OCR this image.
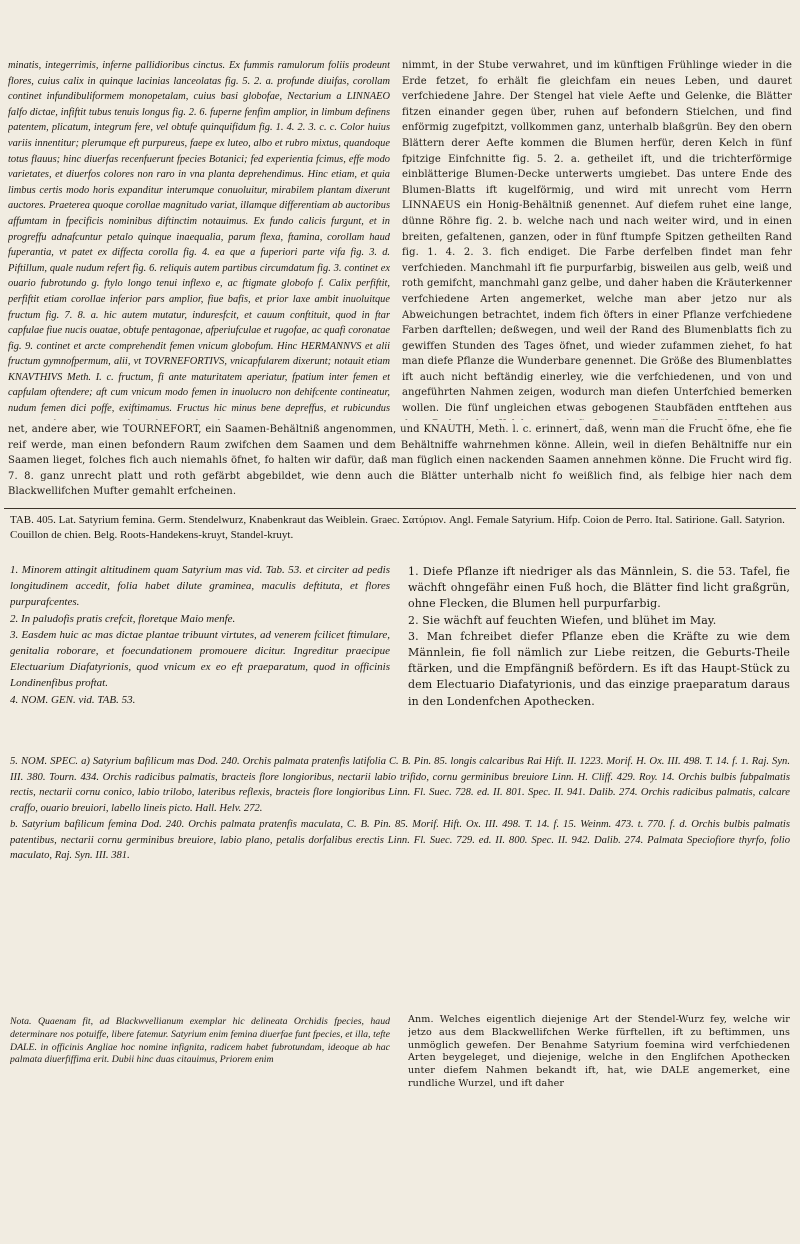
minatis, integerrimis, inferne pallidioribus cinctus. Ex fummis ramulorum foliis prodeunt flores, cuius calix in quinque lacinias lanceolatas fig. 5. 2. a. profunde diuifas, corollam continet infundibuliformem monopetalam, cuius basi globofae, Nectarium a LINNAEO falfo dictae, infiftit tubus tenuis longus fig. 2. 6. fuperne fenfim amplior, in limbum definens patentem, plicatum, integrum fere, vel obtufe quinquifidum fig. 1. 4. 2. 3. c. c. Color huius variis innentitur; plerumque eft purpureus, faepe ex luteo, albo et rubro mixtus, quandoque totus flauus; hinc diuerfas recenfuerunt fpecies Botanici; fed experientia fcimus, effe modo varietates, et diuerfos colores non raro in vna planta deprehendimus. Hinc etiam, et quia limbus certis modo horis expanditur interumque conuoluitur, mirabilem plantam dixerunt auctores. Praeterea quoque corollae magnitudo variat, illamque differentiam ab auctoribus affumtam in fpecificis nominibus diftinctim notauimus. Ex fundo calicis furgunt, et in progreffu adnafcuntur petalo quinque inaequalia, parum flexa, ftamina, corollam haud fuperantia, vt patet ex diffecta corolla fig. 4. ea que a fuperiori parte vifa fig. 3. d. Piftillum, quale nudum refert fig. 6. reliquis autem partibus circumdatum fig. 3. continet ex ouario fubrotundo g. ftylo longo tenui inflexo e, ac ftigmate globofo f. Calix perfiftit, perfiftit etiam corollae inferior pars amplior, fiue bafis, et prior laxe ambit inuoluitque fructum fig. 7. 8. a. hic autem mutatur, induresfcit, et cauum conftituit, quod in ftar capfulae fiue nucis ouatae, obtufe pentagonae, afperiufculae et rugofae, ac quafi coronatae fig. 9. continet et arcte comprehendit femen vnicum globofum. Hinc HERMANNVS et alii fructum gymnofpermum, alii, vt TOVRNEFORTIVS, vnicapfularem dixerunt; notauit etiam KNAVTHIVS Meth. I. c. fructum, fi ante maturitatem aperiatur, fpatium inter femen et capfulam oftendere; aft cum vnicum modo femen in inuolucro non dehifcente contineatur, nudum femen dici poffe, exiftimamus. Fructus hic minus bene depreffus, et rubicundus
nimmt, in der Stube verwahret, und im künftigen Frühlinge wieder in die Erde fetzet, fo erhält fie gleichfam ein neues Leben, und dauret verfchiedene Jahre. Der Stengel hat viele Aefte und Gelenke, die Blätter fitzen einander gegen über, ruhen auf befondern Stielchen, und find enförmig zugefpitzt, vollkommen ganz, unterhalb blaßgrün. Bey den obern Blättern derer Aefte kommen die Blumen herfür, deren Kelch in fünf fpitzige Einfchnitte fig. 5. 2. a. getheilet ift, und die trichterförmige einblätterige Blumen-Decke unterwerts umgiebet. Das untere Ende des Blumen-Blatts ift kugelförmig, und wird mit unrecht vom Herrn LINNAEUS ein Honig-Behältniß genennet. Auf diefem ruhet eine lange, dünne Röhre fig. 2. b. welche nach und nach weiter wird, und in einen breiten, gefaltenen, ganzen, oder in fünf ftumpfe Spitzen getheilten Rand fig. 1. 4. 2. 3. fich endiget. Die Farbe derfelben findet man fehr verfchieden. Manchmahl ift fie purpurfarbig, bisweilen aus gelb, weiß und roth gemifcht, manchmahl ganz gelbe, und daher haben die Kräuterkenner verfchiedene Arten angemerket, welche man aber jetzo nur als Abweichungen betrachtet, indem fich öfters in einer Pflanze verfchiedene Farben darftellen; deßwegen, und weil der Rand des Blumenblatts fich zu gewiffen Stunden des Tages öfnet, und wieder zufammen ziehet, fo hat man diefe Pflanze die Wunderbare genennet. Die Größe des Blumenblattes ift auch nicht beftändig einerley, wie die verfchiedenen, und von und angeführten Nahmen zeigen, wodurch man diefen Unterfchied bemerken wollen. Die fünf ungleichen etwas gebogenen Staubfäden entftehen aus
net, andere aber, wie TOURNEFORT, ein Saamen-Behältniß angenommen, und KNAUTH, Meth. l. c. erinnert, daß, wenn man die Frucht öfne, ehe fie reif werde, man einen befondern Raum zwifchen dem Saamen und dem Behältniffe wahrnehmen könne. Allein, weil in diefen Behältniffe nur ein Saamen lieget, folches fich auch niemahls öfnet, fo halten wir dafür, daß man füglich einen nackenden Saamen annehmen könne. Die Frucht wird fig. 7. 8. ganz unrecht platt und roth gefärbt abgebildet, wie denn auch die Blätter unterhalb nicht fo weißlich find, als felbige hier nach dem Blackwellifchen Mufter gemahlt erfcheinen.
TAB. 405. Lat. Satyrium femina. Germ. Stendelwurz, Knabenkraut das Weiblein. Graec. Σατύριον. Angl. Female Satyrium. Hifp. Coion de Perro. Ital. Satirione. Gall. Satyrion. Couillon de chien. Belg. Roots-Handekens-kruyt, Standel-kruyt.
1. Minorem attingit altitudinem quam Satyrium mas vid. Tab. 53. et circiter ad pedis longitudinem accedit, folia habet dilute graminea, maculis deftituta, et flores purpurafcentes.
2. In paludofis pratis crefcit, floretque Maio menfe.
3. Easdem huic ac mas dictae plantae tribuunt virtutes, ad venerem fcilicet ftimulare, genitalia roborare, et foecundationem promouere dicitur. Ingreditur praecipue Electuarium Diafatyrionis, quod vnicum ex eo eft praeparatum, quod in officinis Londinenfibus proftat.
4. NOM. GEN. vid. TAB. 53.
1. Diefe Pflanze ift niedriger als das Männlein, S. die 53. Tafel, fie wächft ohngefähr einen Fuß hoch, die Blätter find licht graßgrün, ohne Flecken, die Blumen hell purpurfarbig.
2. Sie wächft auf feuchten Wiefen, und blühet im May.
3. Man fchreibet diefer Pflanze eben die Kräfte zu wie dem Männlein, fie foll nämlich zur Liebe reitzen, die Geburts-Theile ftärken, und die Empfängniß befördern. Es ift das Haupt-Stück zu dem Electuario Diafatyrionis, und das einzige praeparatum daraus in den Londenfchen Apothecken.
5. NOM. SPEC. a) Satyrium bafilicum mas Dod. 240. Orchis palmata pratenfis latifolia C. B. Pin. 85. longis calcaribus Rai Hift. II. 1223. Morif. H. Ox. III. 498. T. 14. f. 1. Raj. Syn. III. 380. Tourn. 434. Orchis radicibus palmatis, bracteis flore longioribus, nectarii labio trifido, cornu germinibus breuiore Linn. H. Cliff. 429. Roy. 14. Orchis bulbis fubpalmatis rectis, nectarii cornu conico, labio trilobo, lateribus reflexis, bracteis flore longioribus Linn. Fl. Suec. 728. ed. II. 801. Spec. II. 941. Dalib. 274. Orchis radicibus palmatis, calcare craffo, ouario breuiori, labello lineis picto. Hall. Helv. 272.
b. Satyrium bafilicum femina Dod. 240. Orchis palmata pratenfis maculata, C. B. Pin. 85. Morif. Hift. Ox. III. 498. T. 14. f. 15. Weinm. 473. t. 770. f. d. Orchis bulbis palmatis patentibus, nectarii cornu germinibus breuiore, labio plano, petalis dorfalibus erectis Linn. Fl. Suec. 729. ed. II. 800. Spec. II. 942. Dalib. 274. Palmata Speciofiore thyrfo, folio maculato, Raj. Syn. III. 381.
Nota. Quaenam fit, ad Blackwvellianum exemplar hic delineata Orchidis fpecies, haud determinare nos potuiffe, libere fatemur. Satyrium enim femina diuerfae funt fpecies, et illa, tefte DALE. in officinis Angliae hoc nomine infignita, radicem habet fubrotundam, ideoque ab hac palmata diuerfiffima erit. Dubii hinc duas citauimus, Priorem enim
Anm. Welches eigentlich diejenige Art der Stendel-Wurz fey, welche wir jetzo aus dem Blackwellifchen Werke fürftellen, ift zu beftimmen, uns unmöglich gewefen. Der Benahme Satyrium foemina wird verfchiedenen Arten beygeleget, und diejenige, welche in den Englifchen Apothecken unter diefem Nahmen bekandt ift, hat, wie DALE angemerket, eine rundliche Wurzel, und ift daher
